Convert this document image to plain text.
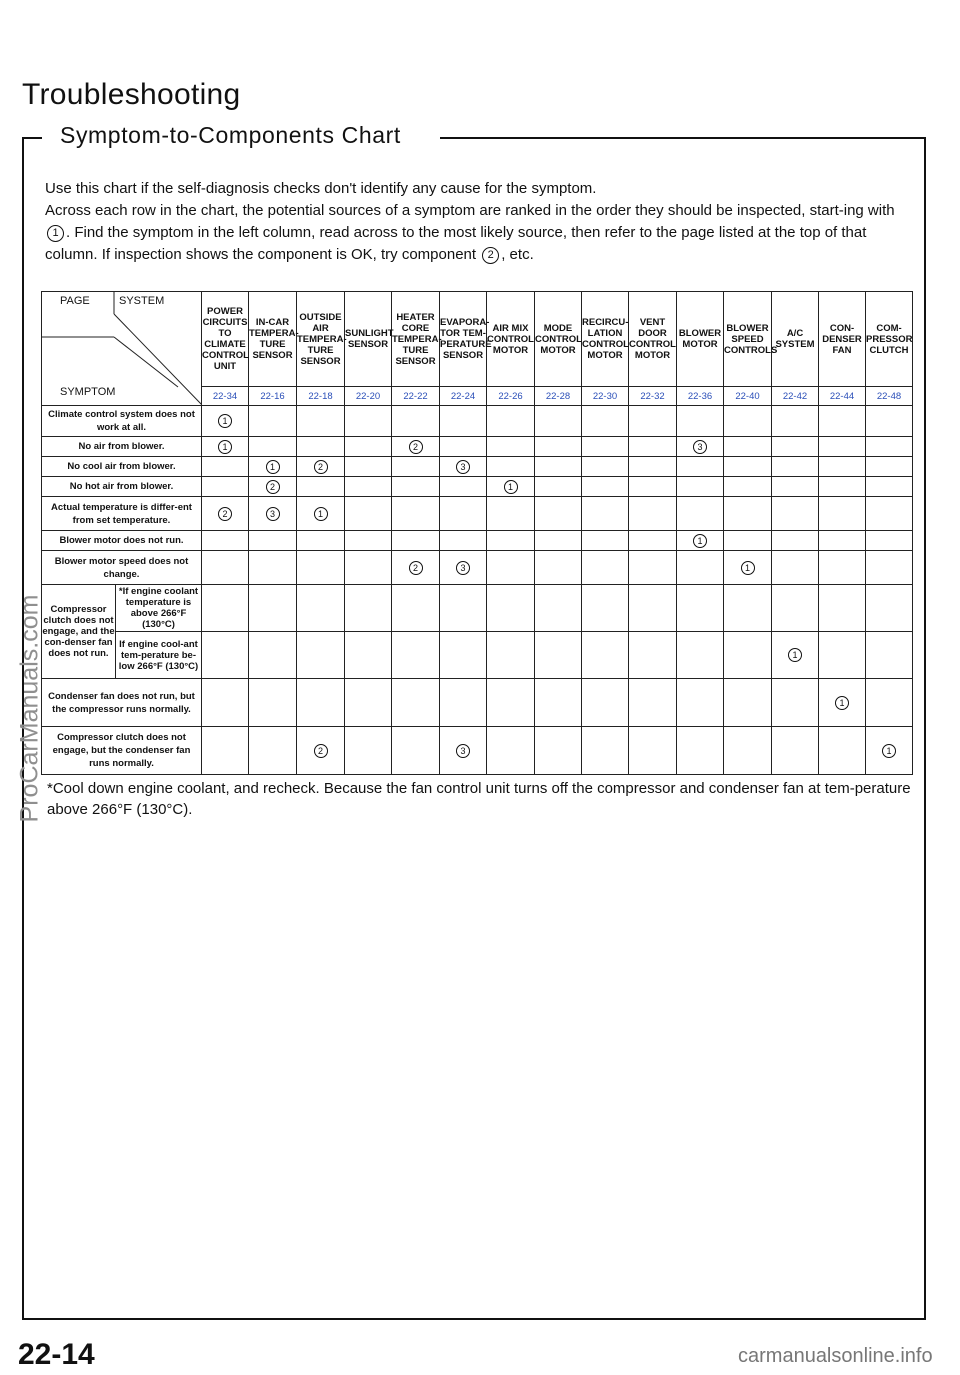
Troubleshooting
Symptom-to-Components Chart

Use this chart if the self-diagnosis checks don't identify any cause for the symptom.

Across each row in the chart, the potential sources of a symptom are ranked in the order they should be inspected, start-ing with 1 . Find the symptom in the left column, read across to the most likely source, then refer to the page listed at the top of that column. If inspection shows the component is OK, try component 2 , etc.

PAGE SYSTEM
SYMPTOM		POWER CIRCUITS TO CLIMATE CONTROL UNIT	IN-CAR TEMPERA-TURE SENSOR	OUTSIDE AIR TEMPERA-TURE SENSOR	SUNLIGHT SENSOR	HEATER CORE TEMPERA-TURE SENSOR	EVAPORA-TOR TEM-PERATURE SENSOR	AIR MIX CONTROL MOTOR	MODE CONTROL MOTOR	RECIRCU-LATION CONTROL MOTOR	VENT DOOR CONTROL MOTOR	BLOWER MOTOR	BLOWER SPEED CONTROLS	A/C SYSTEM	CON-DENSER FAN	COM-PRESSOR CLUTCH
		22-34	22-16	22-18	22-20	22-22	22-24	22-26	22-28	22-30	22-32	22-36	22-40	22-42	22-44	22-48
Climate control system does not work at all.		1														
No air from blower.		1				2						3				
No cool air from blower.			1	2			3									
No hot air from blower.			2					1								
Actual temperature is differ-ent from set temperature.		2	3	1												
Blower motor does not run.												1				
Blower motor speed does not change.						2	3						1			
Compressor clutch does not engage, and the con-denser fan does not run.	*If engine coolant temperature is above 266°F (130°C)															
	If engine cool-ant tem-perature be-low 266°F (130°C)													1		
Condenser fan does not run, but the compressor runs normally.															1	
Compressor clutch does not engage, but the condenser fan runs normally.				2			3									1
*Cool down engine coolant, and recheck. Because the fan control unit turns off the compressor and condenser fan at tem-perature above 266°F (130°C).
22-14	carmanualsonline.info
ProCarManuals.com
